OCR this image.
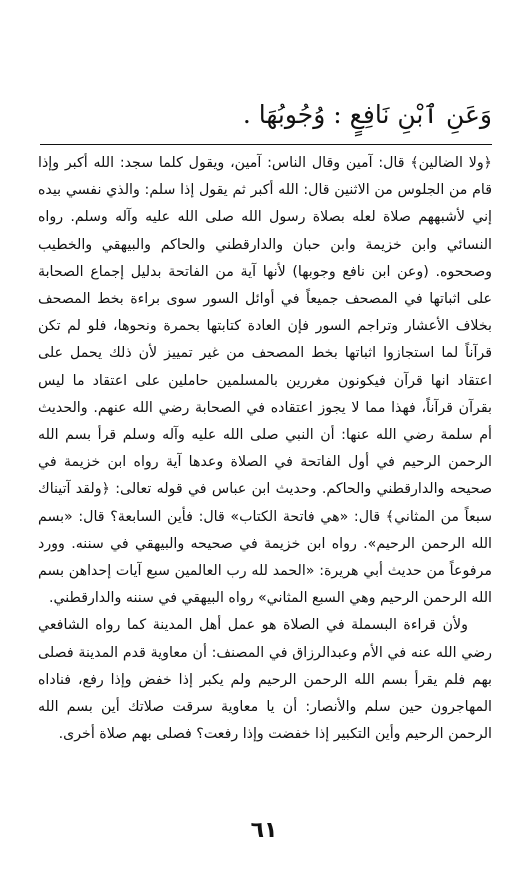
وَعَنِ ٱبْنِ نَافِعٍ : وُجُوبُهَا .

﴿ولا الضالين﴾ قال: آمين وقال الناس: آمين، ويقول كلما سجد: الله أكبر وإذا قام من الجلوس من الاثنين قال: الله أكبر ثم يقول إذا سلم: والذي نفسي بيده إني لأشبههم صلاة لعله بصلاة رسول الله صلى الله عليه وآله وسلم. رواه النسائي وابن خزيمة وابن حبان والدارقطني والحاكم والبيهقي والخطيب وصححوه. (وعن ابن نافع وجوبها) لأنها آية من الفاتحة بدليل إجماع الصحابة على اثباتها في المصحف جميعاً في أوائل السور سوى براءة بخط المصحف بخلاف الأعشار وتراجم السور فإن العادة كتابتها بحمرة ونحوها، فلو لم تكن قرآناً لما استجازوا اثباتها بخط المصحف من غير تمييز لأن ذلك يحمل على اعتقاد انها قرآن فيكونون مغررين بالمسلمين حاملين على اعتقاد ما ليس بقرآن قرآناً، فهذا مما لا يجوز اعتقاده في الصحابة رضي الله عنهم. والحديث أم سلمة رضي الله عنها: أن النبي صلى الله عليه وآله وسلم قرأ بسم الله الرحمن الرحيم في أول الفاتحة في الصلاة وعدها آية رواه ابن خزيمة في صحيحه والدارقطني والحاكم. وحديث ابن عباس في قوله تعالى: ﴿ولقد آتيناك سبعاً من المثاني﴾ قال: «هي فاتحة الكتاب» قال: فأين السابعة؟ قال: «بسم الله الرحمن الرحيم». رواه ابن خزيمة في صحيحه والبيهقي في سننه. وورد مرفوعاً من حديث أبي هريرة: «الحمد لله رب العالمين سبع آيات إحداهن بسم الله الرحمن الرحيم وهي السبع المثاني» رواه البيهقي في سننه والدارقطني.

ولأن قراءة البسملة في الصلاة هو عمل أهل المدينة كما رواه الشافعي رضي الله عنه في الأم وعبدالرزاق في المصنف: أن معاوية قدم المدينة فصلى بهم فلم يقرأ بسم الله الرحمن الرحيم ولم يكبر إذا خفض وإذا رفع، فناداه المهاجرون حين سلم والأنصار: أن يا معاوية سرقت صلاتك أين بسم الله الرحمن الرحيم وأين التكبير إذا خفضت وإذا رفعت؟ فصلى بهم صلاة أخرى.

٦١
